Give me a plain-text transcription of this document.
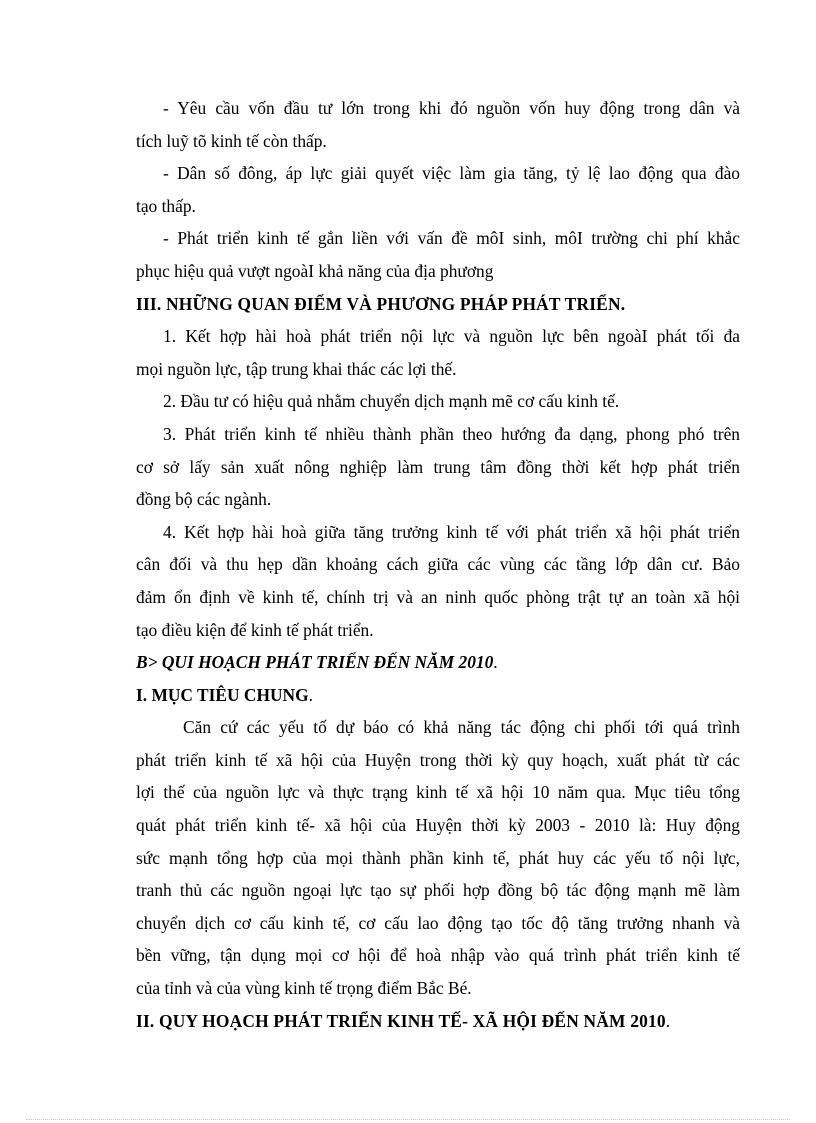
- Yêu cầu vốn đầu tư lớn trong khi đó nguồn vốn huy động trong dân và
tích luỹ tõ kinh tế còn thấp.
- Dân số đông, áp lực giải quyết việc làm gia tăng, tỷ lệ lao động qua đào
tạo thấp.
- Phát triển kinh tế gắn liền với vấn đề môI sinh, môI trường chi phí khắc
phục hiệu quả vượt ngoàI khả năng của địa phương
III. NHỮNG QUAN ĐIỂM VÀ PHƯƠNG PHÁP PHÁT TRIỂN.
1. Kết hợp hài hoà phát triển nội lực và nguồn lực bên ngoàI phát tối đa
mọi nguồn lực, tập trung khai thác các lợi thế.
2. Đầu tư có hiệu quả nhằm chuyển dịch mạnh mẽ cơ cấu kinh tế.
3. Phát triển kinh tế nhiều thành phần theo hướng đa dạng, phong phó trên
cơ sở lấy sản xuất nông nghiệp làm trung tâm đồng thời kết hợp phát triển
đồng bộ các ngành.
4. Kết hợp hài hoà giữa tăng trưởng kinh tế với phát triển xã hội phát triển
cân đối và thu hẹp dần khoảng cách giữa các vùng các tầng lớp dân cư. Bảo
đảm ổn định về kinh tế, chính trị và an ninh quốc phòng trật tự an toàn xã hội
tạo điều kiện để kinh tế phát triển.
B> QUI HOẠCH PHÁT TRIỂN ĐẾN NĂM 2010.
I. MỤC TIÊU CHUNG.
Căn cứ các yếu tố dự báo có khả năng tác động chi phối tới quá trình
phát triển kinh tế xã hội của Huyện trong thời kỳ quy hoạch, xuất phát từ các
lợi thế của nguồn lực và thực trạng kinh tế xã hội 10 năm qua. Mục tiêu tổng
quát phát triển kinh tế- xã hội của Huyện thời kỳ 2003 - 2010 là: Huy động
sức mạnh tổng hợp của mọi thành phần kinh tế, phát huy các yếu tố nội lực,
tranh thủ các nguồn ngoại lực tạo sự phối hợp đồng bộ tác động mạnh mẽ làm
chuyển dịch cơ cấu kinh tế, cơ cấu lao động tạo tốc độ tăng trưởng nhanh và
bền vững, tận dụng mọi cơ hội để hoà nhập vào quá trình phát triển kinh tế
của tỉnh và của vùng kinh tế trọng điểm Bắc Bé.
II. QUY HOẠCH PHÁT TRIỂN KINH TẾ- XÃ HỘI ĐẾN NĂM 2010.
